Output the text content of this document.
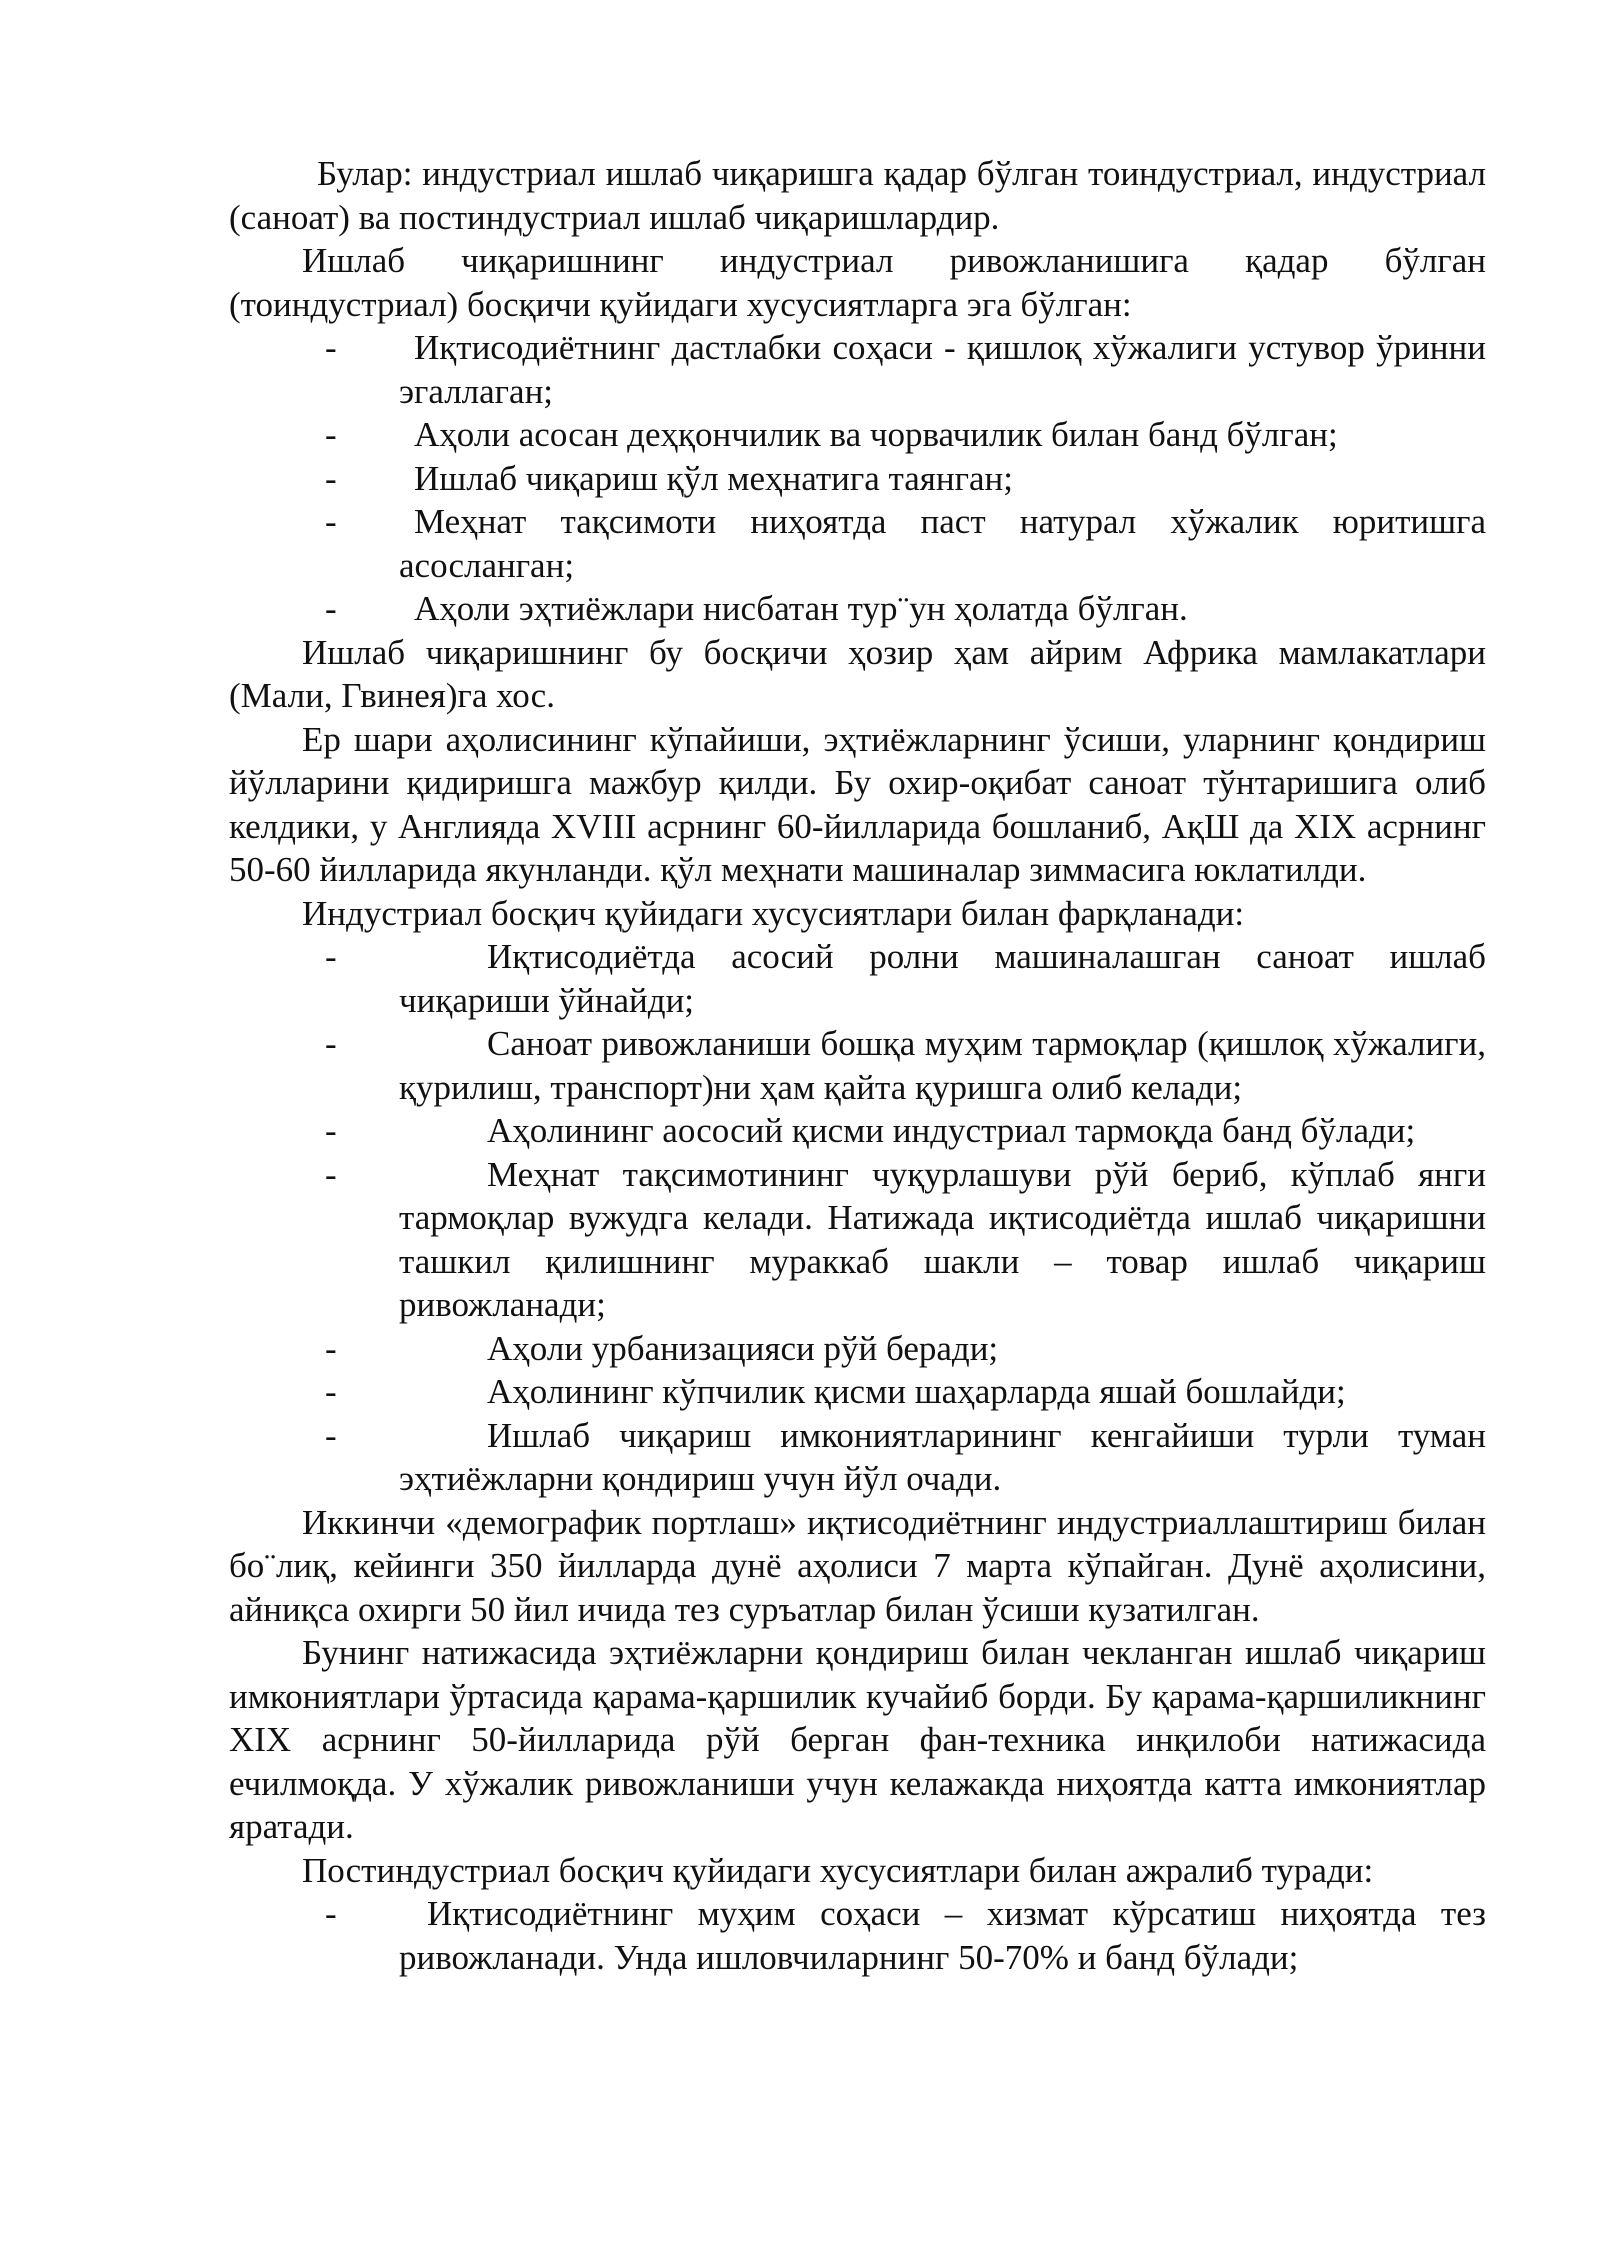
Булар: индустриал ишлаб чиқаришга қадар бўлган тоиндустриал, индустриал (саноат) ва постиндустриал ишлаб чиқаришлардир.

Ишлаб чиқаришнинг индустриал ривожланишига қадар бўлган (тоиндустриал) босқичи қуйидаги хусусиятларга эга бўлган:

-	Иқтисодиётнинг дастлабки соҳаси - қишлоқ хўжалиги устувор ўринни эгаллаган;
-	Аҳоли асосан деҳқончилик ва чорвачилик билан банд бўлган;
-	Ишлаб чиқариш қўл меҳнатига таянган;
-	Меҳнат тақсимоти ниҳоятда паст натурал хўжалик юритишга асосланган;
-	Аҳоли эҳтиёжлари нисбатан тур¨ун ҳолатда бўлган.

Ишлаб чиқаришнинг бу босқичи ҳозир ҳам айрим Африка мамлакатлари (Мали, Гвинея)га хос.

Ер шари аҳолисининг кўпайиши, эҳтиёжларнинг ўсиши, уларнинг қондириш йўлларини қидиришга мажбур қилди. Бу охир-оқибат саноат тўнтаришига олиб келдики, у Англияда XVIII асрнинг 60-йилларида бошланиб, АқШ да XIX асрнинг 50-60 йилларида якунланди. қўл меҳнати машиналар зиммасига юклатилди.

Индустриал босқич қуйидаги хусусиятлари билан фарқланади:

-	Иқтисодиётда асосий ролни машиналашган саноат ишлаб чиқариши ўйнайди;
-	Саноат ривожланиши бошқа муҳим тармоқлар (қишлоқ хўжалиги, қурилиш, транспорт)ни ҳам қайта қуришга олиб келади;
-	Аҳолининг аососий қисми индустриал тармоқда банд бўлади;
-	Меҳнат тақсимотининг чуқурлашуви рўй бериб, кўплаб янги тармоқлар вужудга келади. Натижада иқтисодиётда ишлаб чиқаришни ташкил қилишнинг мураккаб шакли – товар ишлаб чиқариш ривожланади;
-	Аҳоли урбанизацияси рўй беради;
-	Аҳолининг кўпчилик қисми шаҳарларда яшай бошлайди;
-	Ишлаб чиқариш имкониятларининг кенгайиши турли туман эҳтиёжларни қондириш учун йўл очади.

Иккинчи «демографик портлаш» иқтисодиётнинг индустриаллаштириш билан бо¨лиқ, кейинги 350 йилларда дунё аҳолиси 7 марта кўпайган. Дунё аҳолисини, айниқса охирги 50 йил ичида тез суръатлар билан ўсиши кузатилган.

Бунинг натижасида эҳтиёжларни қондириш билан чекланган ишлаб чиқариш имкониятлари ўртасида қарама-қаршилик кучайиб борди. Бу қарама-қаршиликнинг XIX асрнинг 50-йилларида рўй берган фан-техника инқилоби натижасида ечилмоқда. У хўжалик ривожланиши учун келажакда ниҳоятда катта имкониятлар яратади.

Постиндустриал босқич қуйидаги хусусиятлари билан ажралиб туради:

-	Иқтисодиётнинг муҳим соҳаси – хизмат кўрсатиш ниҳоятда тез ривожланади. Унда ишловчиларнинг 50-70% и банд бўлади;
